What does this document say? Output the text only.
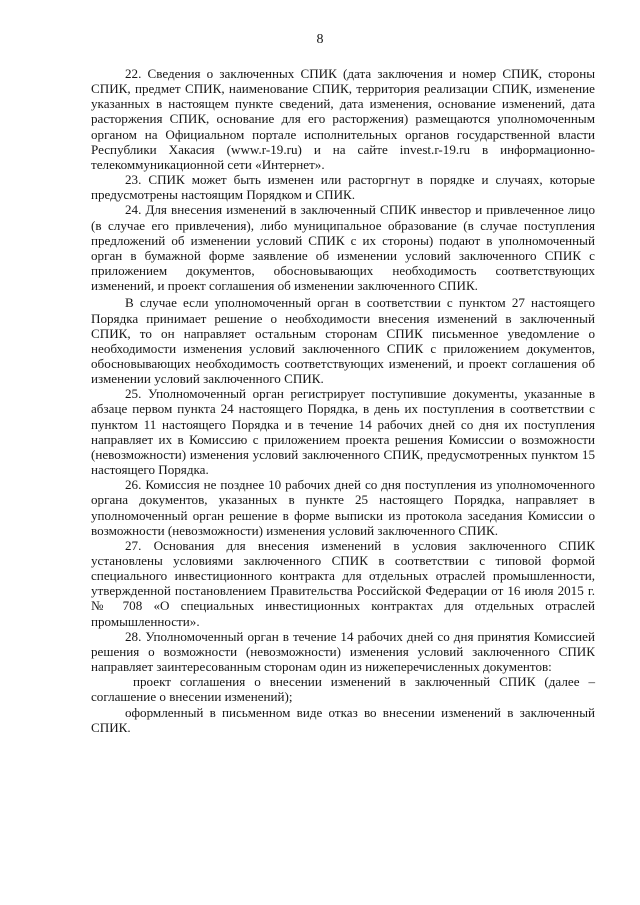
8

22. Сведения о заключенных СПИК (дата заключения и номер СПИК, стороны СПИК, предмет СПИК, наименование СПИК, территория реализации СПИК, изменение указанных в настоящем пункте сведений, дата изменения, основание изменений, дата расторжения СПИК, основание для его расторжения) размещаются уполномоченным органом на Официальном портале исполнительных органов государственной власти Республики Хакасия (www.r-19.ru) и на сайте invest.r-19.ru в информационно-телекоммуникационной сети «Интернет».

23. СПИК может быть изменен или расторгнут в порядке и случаях, которые предусмотрены настоящим Порядком и СПИК.

24. Для внесения изменений в заключенный СПИК инвестор и привлеченное лицо (в случае его привлечения), либо муниципальное образование (в случае поступления предложений об изменении условий СПИК с их стороны) подают в уполномоченный орган в бумажной форме заявление об изменении условий заключенного СПИК с приложением документов, обосновывающих необходимость соответствующих изменений, и проект соглашения об изменении заключенного СПИК.

В случае если уполномоченный орган в соответствии с пунктом 27 настоящего Порядка принимает решение о необходимости внесения изменений в заключенный СПИК, то он направляет остальным сторонам СПИК письменное уведомление о необходимости изменения условий заключенного СПИК с приложением документов, обосновывающих необходимость соответствующих изменений, и проект соглашения об изменении условий заключенного СПИК.

25. Уполномоченный орган регистрирует поступившие документы, указанные в абзаце первом пункта 24 настоящего Порядка, в день их поступления в соответствии с пунктом 11 настоящего Порядка и в течение 14 рабочих дней со дня их поступления направляет их в Комиссию с приложением проекта решения Комиссии о возможности (невозможности) изменения условий заключенного СПИК, предусмотренных пунктом 15 настоящего Порядка.

26. Комиссия не позднее 10 рабочих дней со дня поступления из уполномоченного органа документов, указанных в пункте 25 настоящего Порядка, направляет в уполномоченный орган решение в форме выписки из протокола заседания Комиссии о возможности (невозможности) изменения условий заключенного СПИК.

27. Основания для внесения изменений в условия заключенного СПИК установлены условиями заключенного СПИК в соответствии с типовой формой специального инвестиционного контракта для отдельных отраслей промышленности, утвержденной постановлением Правительства Российской Федерации от 16 июля 2015 г. № 708 «О специальных инвестиционных контрактах для отдельных отраслей промышленности».

28. Уполномоченный орган в течение 14 рабочих дней со дня принятия Комиссией решения о возможности (невозможности) изменения условий заключенного СПИК направляет заинтересованным сторонам один из нижеперечисленных документов:

проект соглашения о внесении изменений в заключенный СПИК (далее – соглашение о внесении изменений);

оформленный в письменном виде отказ во внесении изменений в заключенный СПИК.
